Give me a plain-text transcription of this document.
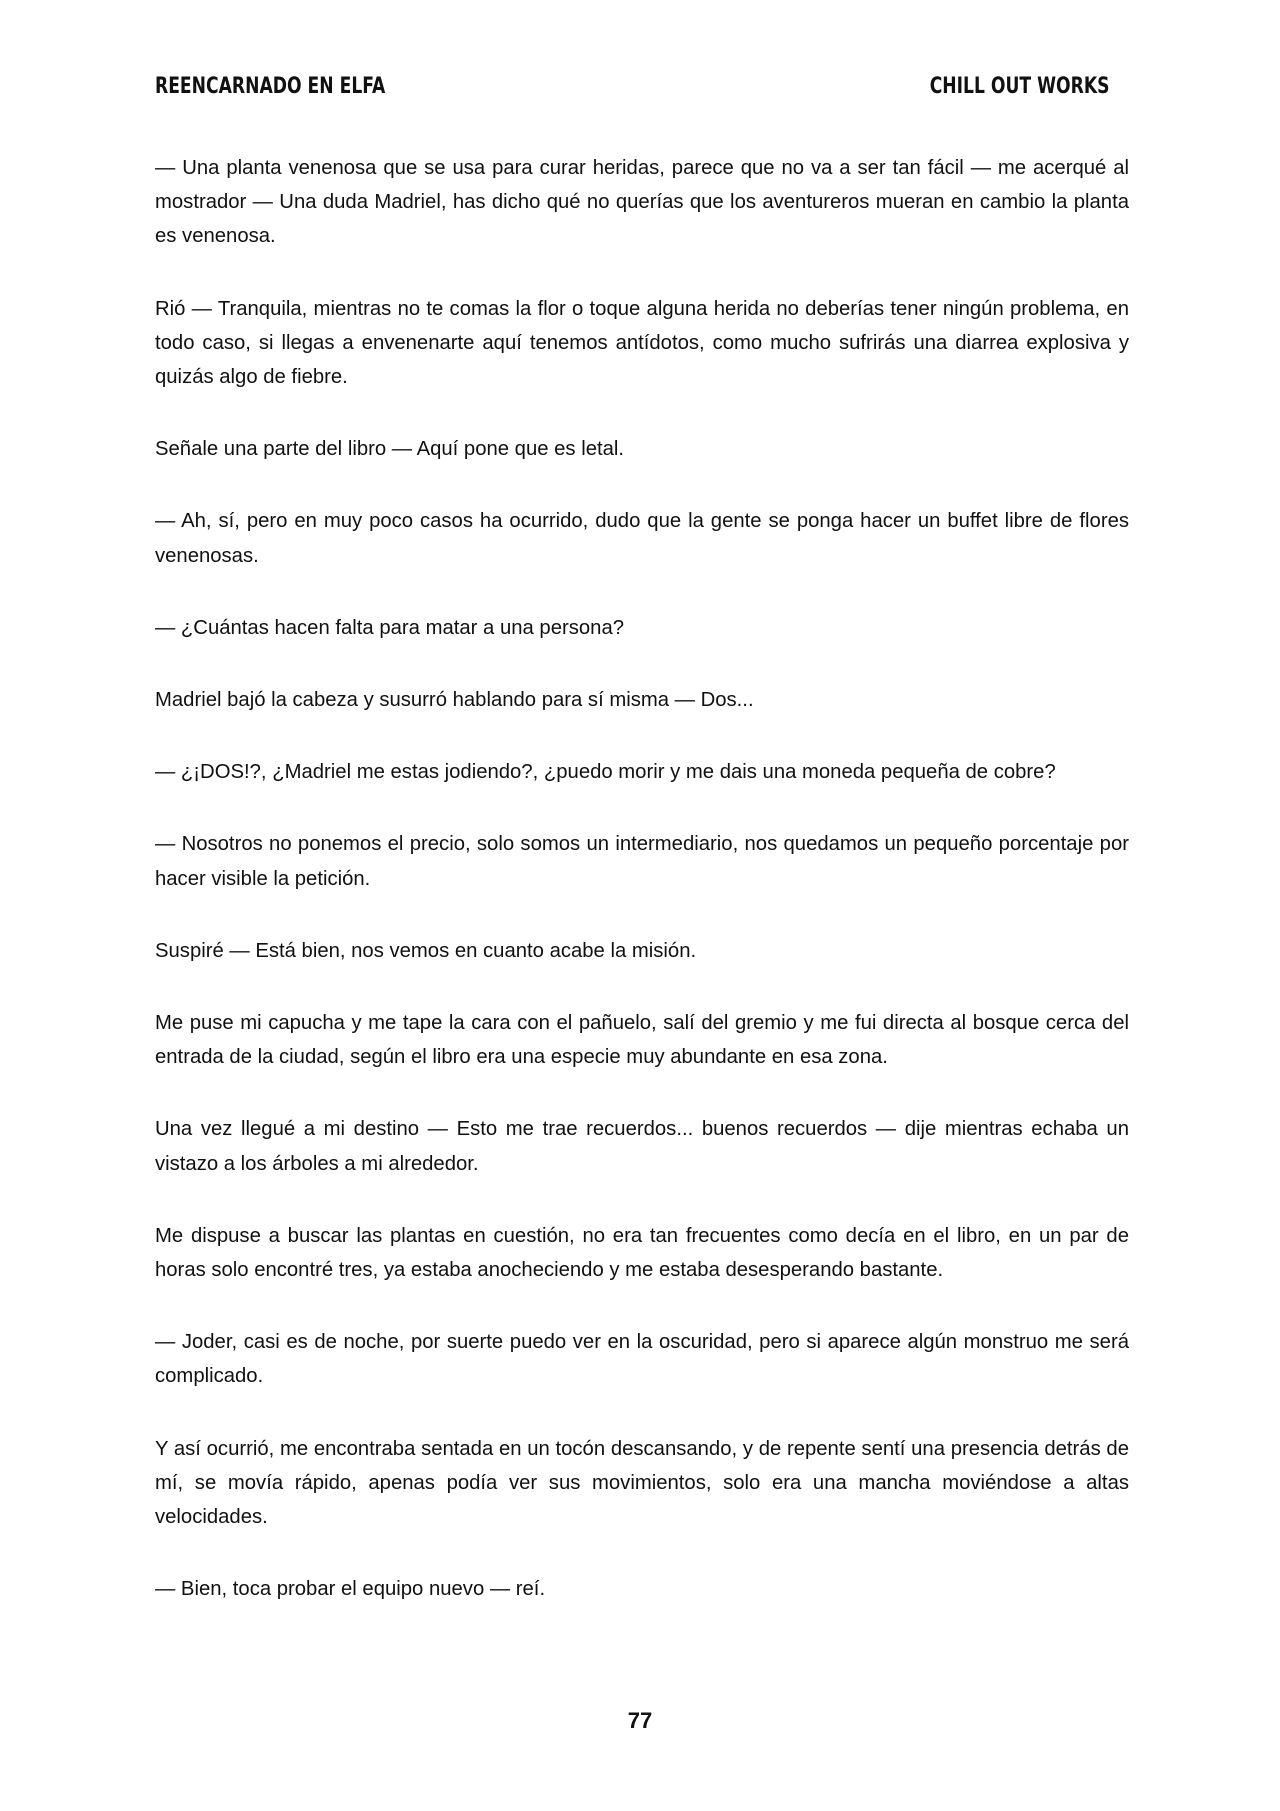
REENCARNADO EN ELFA	CHILL OUT WORKS

— Una planta venenosa que se usa para curar heridas, parece que no va a ser tan fácil — me acerqué al mostrador — Una duda Madriel, has dicho qué no querías que los aventureros mueran en cambio la planta es venenosa.

Rió — Tranquila, mientras no te comas la flor o toque alguna herida no deberías tener ningún problema, en todo caso, si llegas a envenenarte aquí tenemos antídotos, como mucho sufrirás una diarrea explosiva y quizás algo de fiebre.

Señale una parte del libro — Aquí pone que es letal.

— Ah, sí, pero en muy poco casos ha ocurrido, dudo que la gente se ponga hacer un buffet libre de flores venenosas.

— ¿Cuántas hacen falta para matar a una persona?

Madriel bajó la cabeza y susurró hablando para sí misma — Dos...

— ¿¡DOS!?, ¿Madriel me estas jodiendo?, ¿puedo morir y me dais una moneda pequeña de cobre?

— Nosotros no ponemos el precio, solo somos un intermediario, nos quedamos un pequeño porcentaje por hacer visible la petición.

Suspiré — Está bien, nos vemos en cuanto acabe la misión.

Me puse mi capucha y me tape la cara con el pañuelo, salí del gremio y me fui directa al bosque cerca del entrada de la ciudad, según el libro era una especie muy abundante en esa zona.

Una vez llegué a mi destino — Esto me trae recuerdos... buenos recuerdos — dije mientras echaba un vistazo a los árboles a mi alrededor.

Me dispuse a buscar las plantas en cuestión, no era tan frecuentes como decía en el libro, en un par de horas solo encontré tres, ya estaba anocheciendo y me estaba desesperando bastante.

— Joder, casi es de noche, por suerte puedo ver en la oscuridad, pero si aparece algún monstruo me será complicado.

Y así ocurrió, me encontraba sentada en un tocón descansando, y de repente sentí una presencia detrás de mí, se movía rápido, apenas podía ver sus movimientos, solo era una mancha moviéndose a altas velocidades.

— Bien, toca probar el equipo nuevo — reí.

77
